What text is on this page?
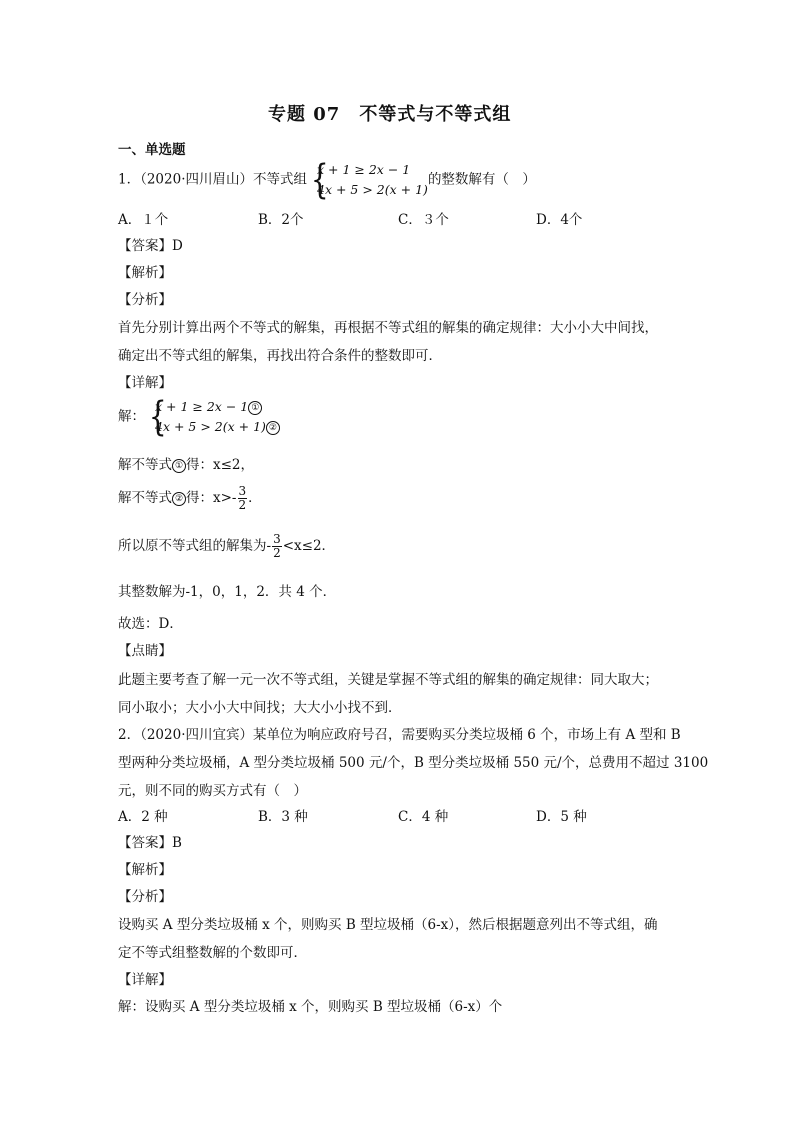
专题 07　不等式与不等式组
一、单选题
1．（2020·四川眉山）不等式组 {
x + 1 ≥ 2x − 1
4x + 5 > 2(x + 1)
的整数解有（　）
A．１个	B．2个	C．３个	D．4个
【答案】D
【解析】
【分析】
首先分别计算出两个不等式的解集，再根据不等式组的解集的确定规律：大小小大中间找，
确定出不等式组的解集，再找出符合条件的整数即可．
【详解】
解： {
x + 1 ≥ 2x − 1 ①
4x + 5 > 2(x + 1) ②
解不等式 ① 得：x≤2，
解不等式 ② 得：$x>- \frac{3}{2}$ ．
所以原不等式组的解集为- $\frac{3}{2} <x\le 2$．
其整数解为-1，0，1，2．共 4 个．
故选：D．
【点睛】
此题主要考查了解一元一次不等式组，关键是掌握不等式组的解集的确定规律：同大取大；
同小取小；大小小大中间找；大大小小找不到．
2．（2020·四川宜宾）某单位为响应政府号召，需要购买分类垃圾桶 6 个，市场上有 A 型和 B
型两种分类垃圾桶，A 型分类垃圾桶 500 元/个，B 型分类垃圾桶 550 元/个，总费用不超过 3100
元，则不同的购买方式有（　）
A．2 种	B．3 种	C．4 种	D．5 种
【答案】B
【解析】
【分析】
设购买 A 型分类垃圾桶 x 个，则购买 B 型垃圾桶（6-x），然后根据题意列出不等式组，确
定不等式组整数解的个数即可．
【详解】
解：设购买 A 型分类垃圾桶 x 个，则购买 B 型垃圾桶（6-x）个
